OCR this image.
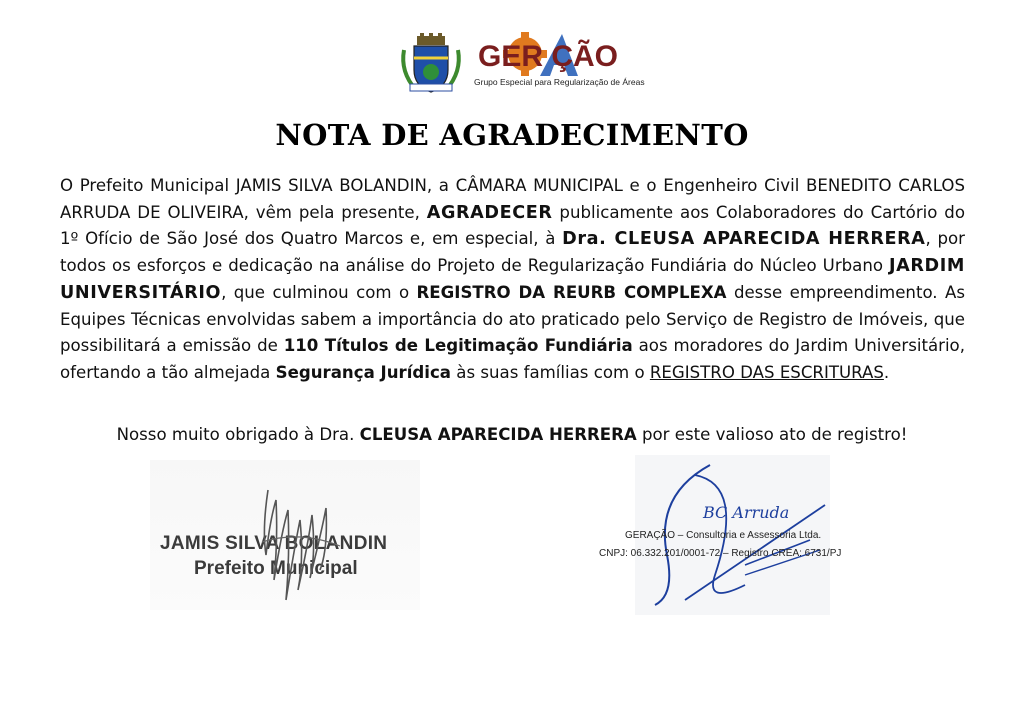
GER ÇÃO
Grupo Especial para Regularização de Áreas
NOTA DE AGRADECIMENTO
O Prefeito Municipal JAMIS SILVA BOLANDIN, a CÂMARA MUNICIPAL e o Engenheiro Civil BENEDITO CARLOS ARRUDA DE OLIVEIRA, vêm pela presente, AGRADECER publicamente aos Colaboradores do Cartório do 1º Ofício de São José dos Quatro Marcos e, em especial, à Dra. CLEUSA APARECIDA HERRERA, por todos os esforços e dedicação na análise do Projeto de Regularização Fundiária do Núcleo Urbano JARDIM UNIVERSITÁRIO, que culminou com o REGISTRO DA REURB COMPLEXA desse empreendimento. As Equipes Técnicas envolvidas sabem a importância do ato praticado pelo Serviço de Registro de Imóveis, que possibilitará a emissão de 110 Títulos de Legitimação Fundiária aos moradores do Jardim Universitário, ofertando a tão almejada Segurança Jurídica às suas famílias com o REGISTRO DAS ESCRITURAS.
Nosso muito obrigado à Dra. CLEUSA APARECIDA HERRERA por este valioso ato de registro!
JAMIS SILVA BOLANDIN
Prefeito Municipal
BC Arruda
GERAÇÃO – Consultoria e Assessoria Ltda.
CNPJ: 06.332.201/0001-72 – Registro CREA: 6731/PJ
